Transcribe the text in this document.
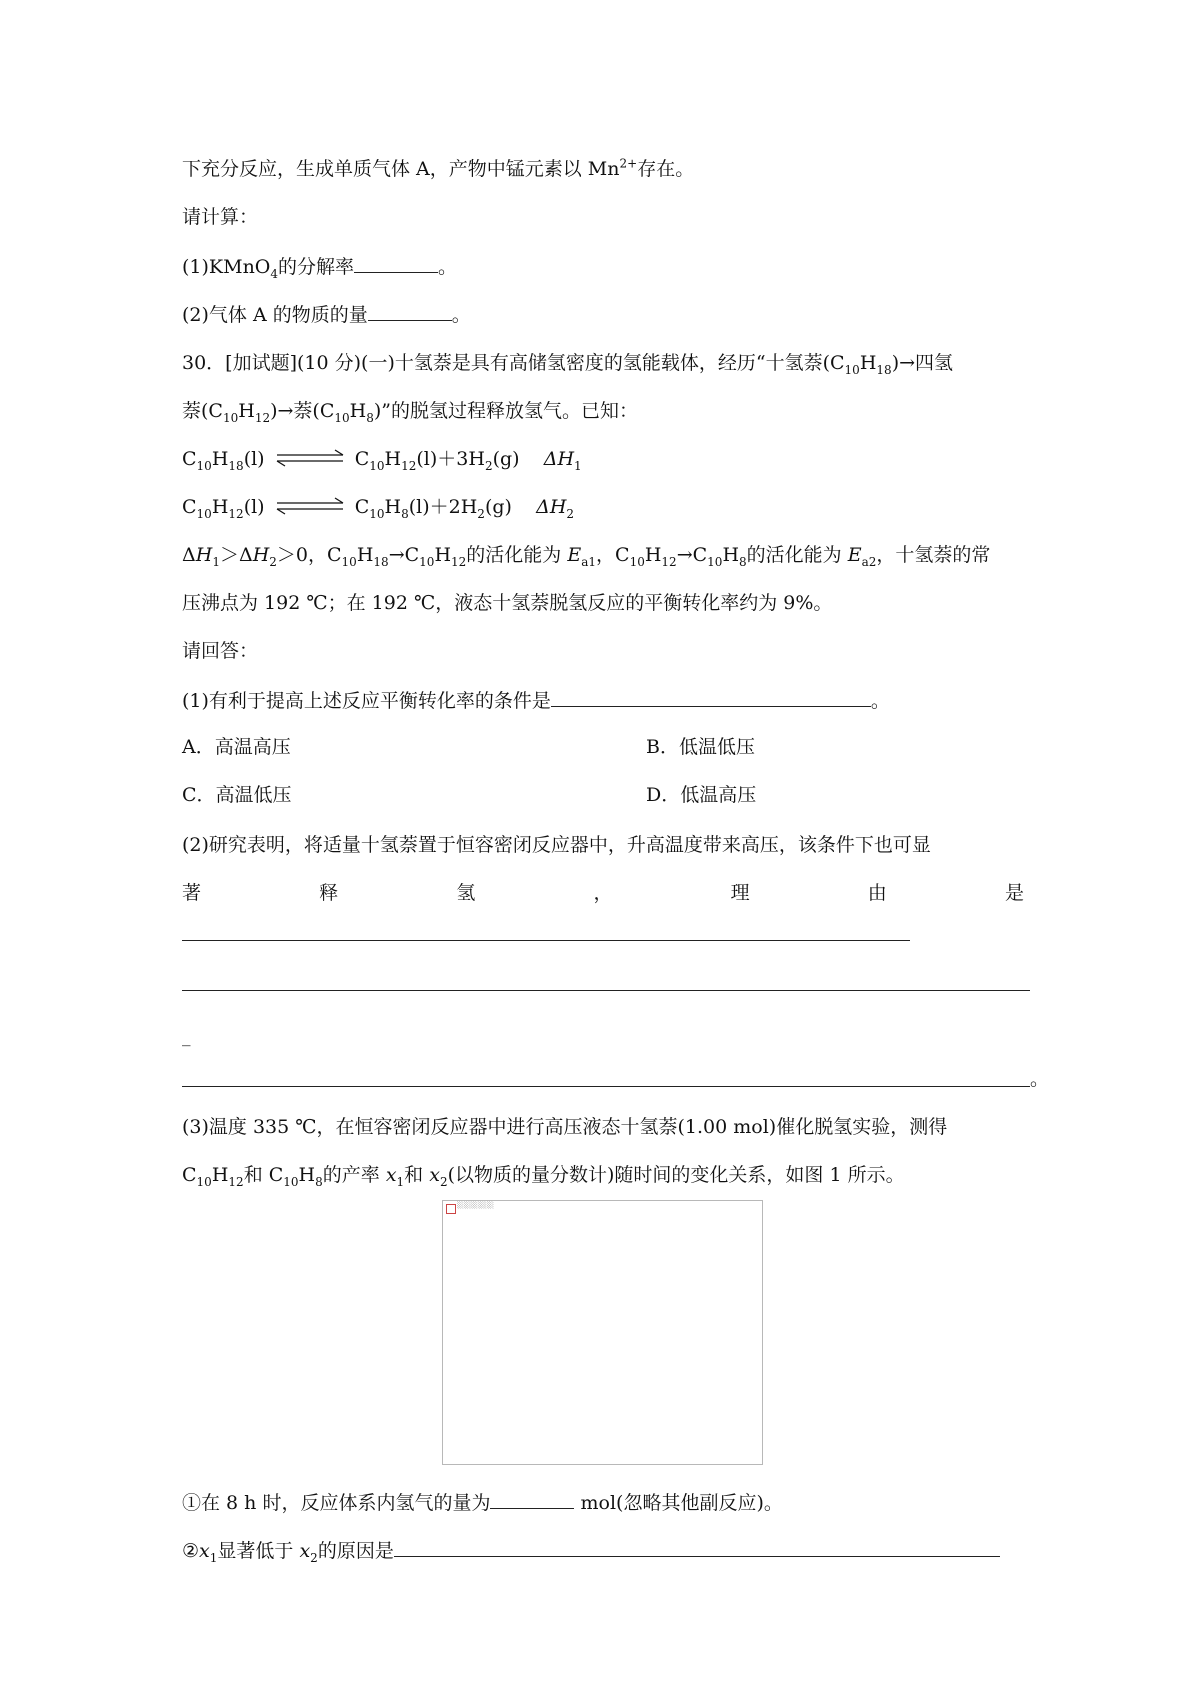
下充分反应，生成单质气体 A，产物中锰元素以 $Mn^{2+}$存在。
请计算：
(1)KMnO$_4$的分解率	。
(2)气体 A 的物质的量	。
30．[加试题](10 分)(一)十氢萘是具有高储氢密度的氢能载体，经历“十氢萘$(C_{10}H_{18})\to$四氢
萘$(C_{10}H_{12})\to$萘$(C_{10}H_8)$”的脱氢过程释放氢气。已知：
$C_{10}H_{18}(l)$ ⇌ $C_{10}H_{12}(l)+3H_2(g)$ $\Delta H_1$
$C_{10}H_{12}(l)$ ⇌ $C_{10}H_8(l)+2H_2(g)$ $\Delta H_2$
$\Delta H_1>\Delta H_2>0$，$C_{10}H_{18}\to C_{10}H_{12}$的活化能为 $E_{a1}$，$C_{10}H_{12}\to C_{10}H_8$的活化能为 $E_{a2}$，十氢萘的常
压沸点为 192 ℃；在 192 ℃，液态十氢萘脱氢反应的平衡转化率约为 9%。
请回答：
(1)有利于提高上述反应平衡转化率的条件是	。
A．高温高压	B．低温低压
C．高温低压	D．低温高压
(2)研究表明，将适量十氢萘置于恒容密闭反应器中，升高温度带来高压，该条件下也可显
著	释	氢	，	理	由	是
_
。
(3)温度 335 ℃，在恒容密闭反应器中进行高压液态十氢萘(1.00 mol)催化脱氢实验，测得
$C_{10}H_{12}$和 $C_{10}H_8$的产率 $x_1$和 $x_2$(以物质的量分数计)随时间的变化关系，如图 1 所示。
░░░░░░░░
①在 8 h 时，反应体系内氢气的量为	mol(忽略其他副反应)。
$②x_1$显著低于 $x_2$的原因是
